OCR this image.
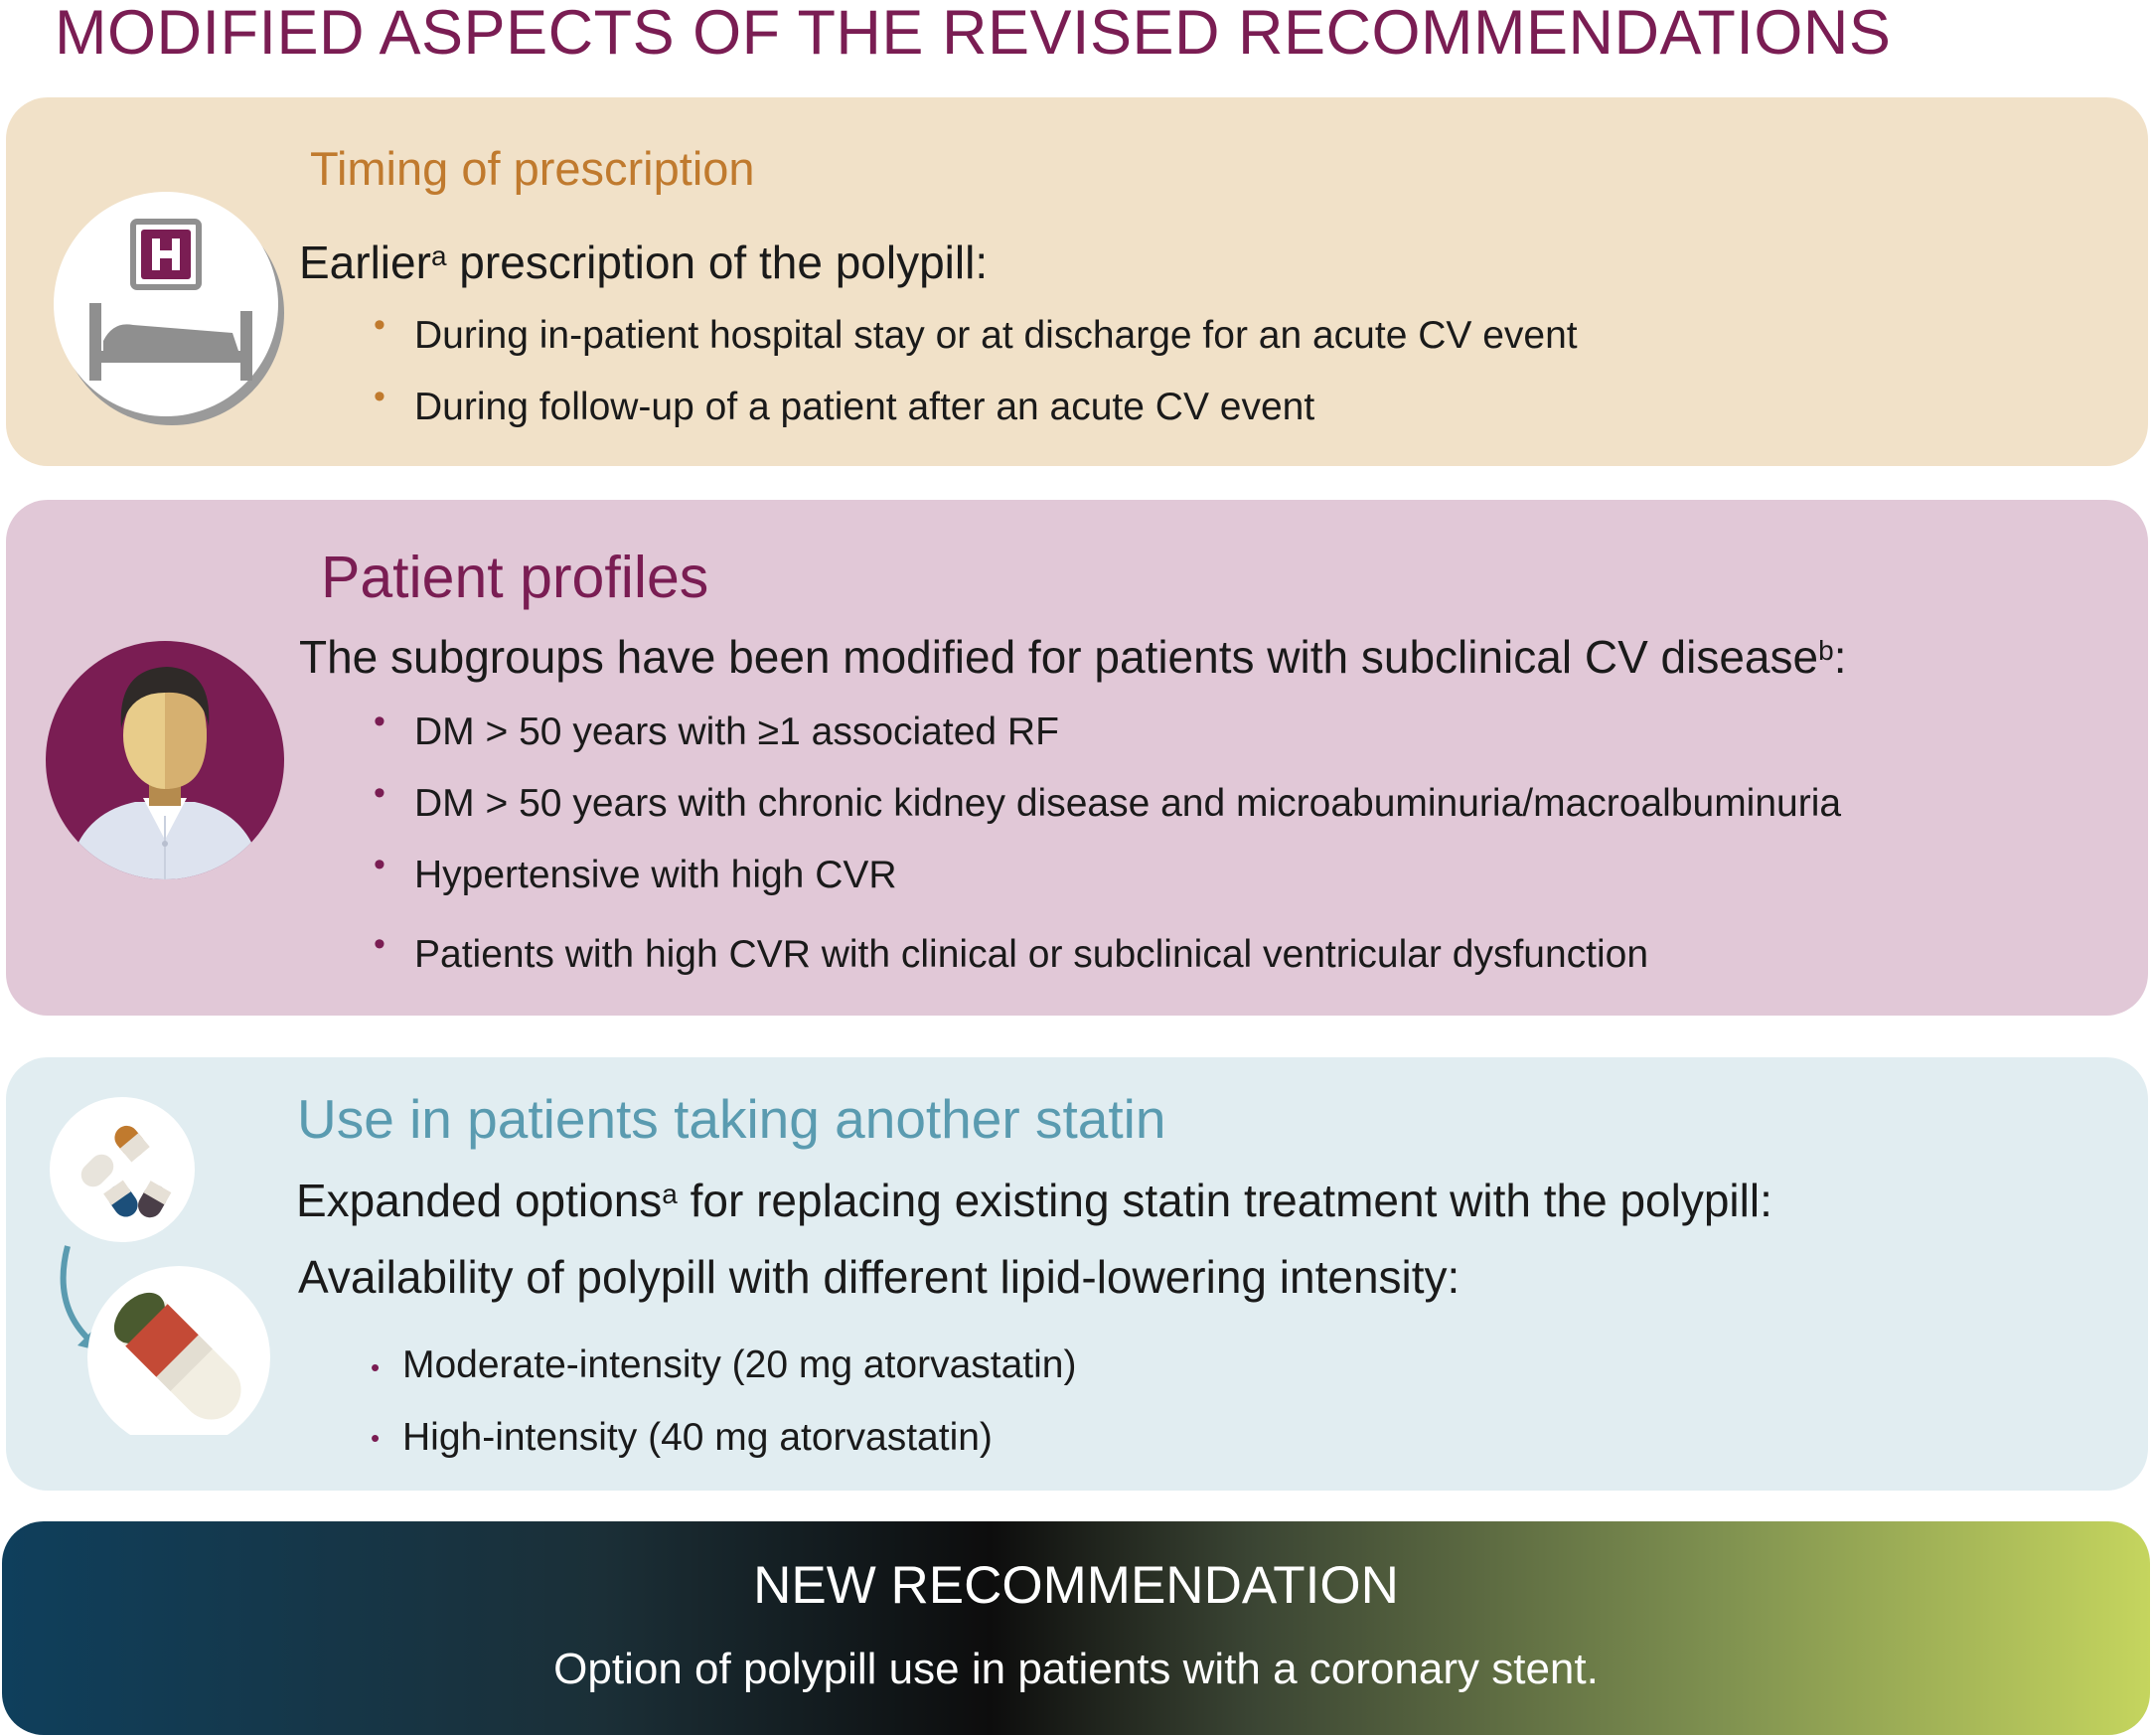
MODIFIED ASPECTS OF THE REVISED RECOMMENDATIONS
Timing of prescription
Earlier$^a$ prescription of the polypill:
• During in-patient hospital stay or at discharge for an acute CV event
• During follow-up of a patient after an acute CV event
Patient profiles
The subgroups have been modified for patients with subclinical CV disease$^b$:
• DM > 50 years with ≥1 associated RF
• DM > 50 years with chronic kidney disease and microabuminuria/macroalbuminuria
• Hypertensive with high CVR
• Patients with high CVR with clinical or subclinical ventricular dysfunction
Use in patients taking another statin
Expanded options$^a$ for replacing existing statin treatment with the polypill:
Availability of polypill with different lipid-lowering intensity:
• Moderate-intensity (20 mg atorvastatin)
• High-intensity (40 mg atorvastatin)
NEW RECOMMENDATION
Option of polypill use in patients with a coronary stent.
